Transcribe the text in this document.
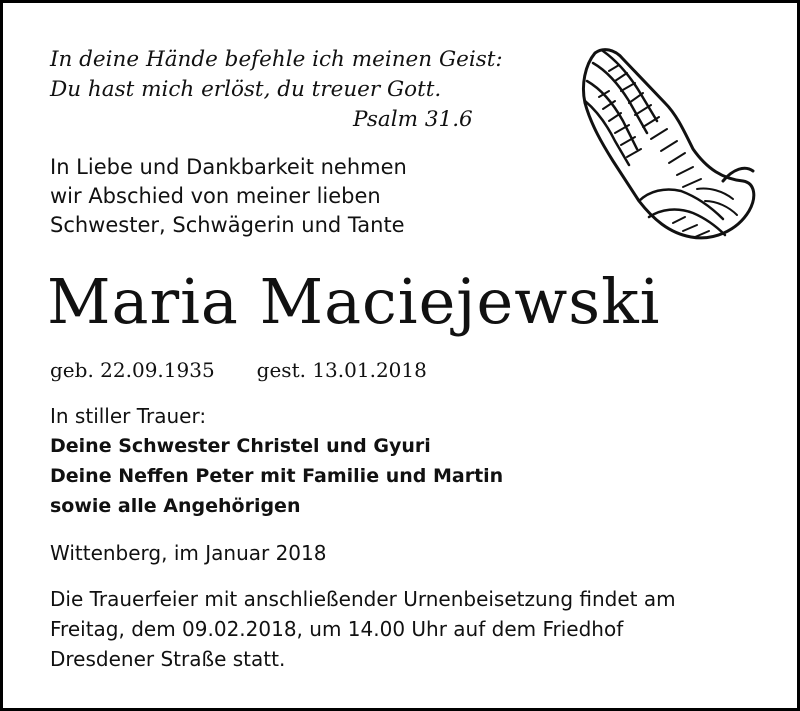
In deine Hände befehle ich meinen Geist:
Du hast mich erlöst, du treuer Gott.
Psalm 31.6
In Liebe und Dankbarkeit nehmen
wir Abschied von meiner lieben
Schwester, Schwägerin und Tante
Maria Maciejewski
geb. 22.09.1935 gest. 13.01.2018
In stiller Trauer:
Deine Schwester Christel und Gyuri
Deine Neffen Peter mit Familie und Martin
sowie alle Angehörigen
Wittenberg, im Januar 2018
Die Trauerfeier mit anschließender Urnenbeisetzung findet am
Freitag, dem 09.02.2018, um 14.00 Uhr auf dem Friedhof
Dresdener Straße statt.
